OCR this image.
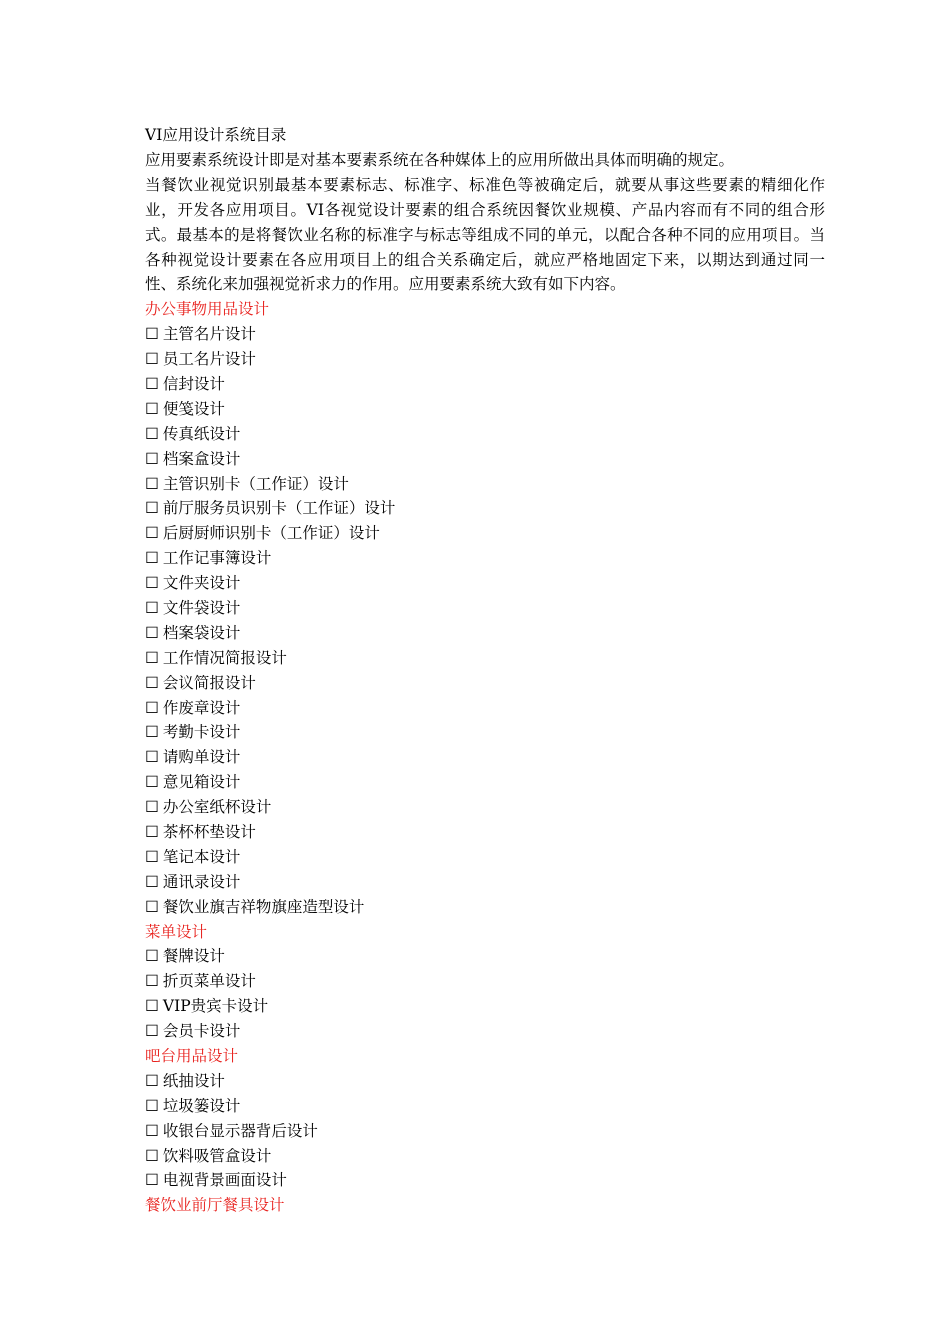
VI应用设计系统目录
应用要素系统设计即是对基本要素系统在各种媒体上的应用所做出具体而明确的规定。
当餐饮业视觉识别最基本要素标志、标准字、标准色等被确定后，就要从事这些要素的精细化作业，开发各应用项目。VI各视觉设计要素的组合系统因餐饮业规模、产品内容而有不同的组合形式。最基本的是将餐饮业名称的标准字与标志等组成不同的单元，以配合各种不同的应用项目。当各种视觉设计要素在各应用项目上的组合关系确定后，就应严格地固定下来，以期达到通过同一性、系统化来加强视觉祈求力的作用。应用要素系统大致有如下内容。
办公事物用品设计
☐ 主管名片设计
☐ 员工名片设计
☐ 信封设计
☐ 便笺设计
☐ 传真纸设计
☐ 档案盒设计
☐ 主管识别卡（工作证）设计
☐ 前厅服务员识别卡（工作证）设计
☐ 后厨厨师识别卡（工作证）设计
☐ 工作记事簿设计
☐ 文件夹设计
☐ 文件袋设计
☐ 档案袋设计
☐ 工作情况简报设计
☐ 会议简报设计
☐ 作废章设计
☐ 考勤卡设计
☐ 请购单设计
☐ 意见箱设计
☐ 办公室纸杯设计
☐ 茶杯杯垫设计
☐ 笔记本设计
☐ 通讯录设计
☐ 餐饮业旗吉祥物旗座造型设计
菜单设计
☐ 餐牌设计
☐ 折页菜单设计
☐ VIP贵宾卡设计
☐ 会员卡设计
吧台用品设计
☐ 纸抽设计
☐ 垃圾篓设计
☐ 收银台显示器背后设计
☐ 饮料吸管盒设计
☐ 电视背景画面设计
餐饮业前厅餐具设计
